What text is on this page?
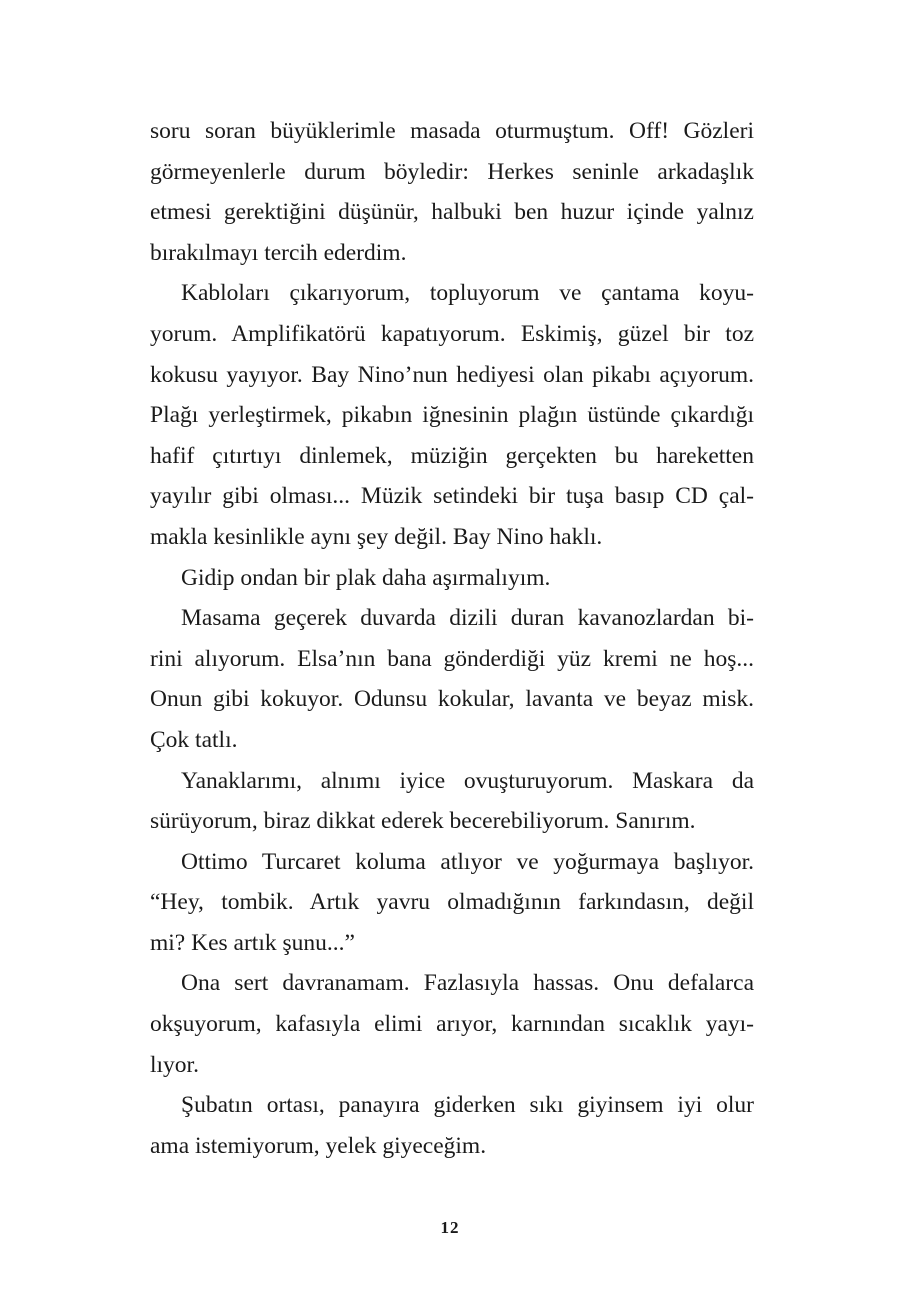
soru soran büyüklerimle masada oturmuştum. Off! Gözleri
görmeyenlerle durum böyledir: Herkes seninle arkadaşlık
etmesi gerektiğini düşünür, halbuki ben huzur içinde yalnız
bırakılmayı tercih ederdim.
Kabloları çıkarıyorum, topluyorum ve çantama koyu-
yorum. Amplifikatörü kapatıyorum. Eskimiş, güzel bir toz
kokusu yayıyor. Bay Nino’nun hediyesi olan pikabı açıyorum.
Plağı yerleştirmek, pikabın iğnesinin plağın üstünde çıkardığı
hafif çıtırtıyı dinlemek, müziğin gerçekten bu hareketten
yayılır gibi olması... Müzik setindeki bir tuşa basıp CD çal-
makla kesinlikle aynı şey değil. Bay Nino haklı.
Gidip ondan bir plak daha aşırmalıyım.
Masama geçerek duvarda dizili duran kavanozlardan bi-
rini alıyorum. Elsa’nın bana gönderdiği yüz kremi ne hoş...
Onun gibi kokuyor. Odunsu kokular, lavanta ve beyaz misk.
Çok tatlı.
Yanaklarımı, alnımı iyice ovuşturuyorum. Maskara da
sürüyorum, biraz dikkat ederek becerebiliyorum. Sanırım.
Ottimo Turcaret koluma atlıyor ve yoğurmaya başlıyor.
“Hey, tombik. Artık yavru olmadığının farkındasın, değil
mi? Kes artık şunu...”
Ona sert davranamam. Fazlasıyla hassas. Onu defalarca
okşuyorum, kafasıyla elimi arıyor, karnından sıcaklık yayı-
lıyor.
Şubatın ortası, panayıra giderken sıkı giyinsem iyi olur
ama istemiyorum, yelek giyeceğim.
12
